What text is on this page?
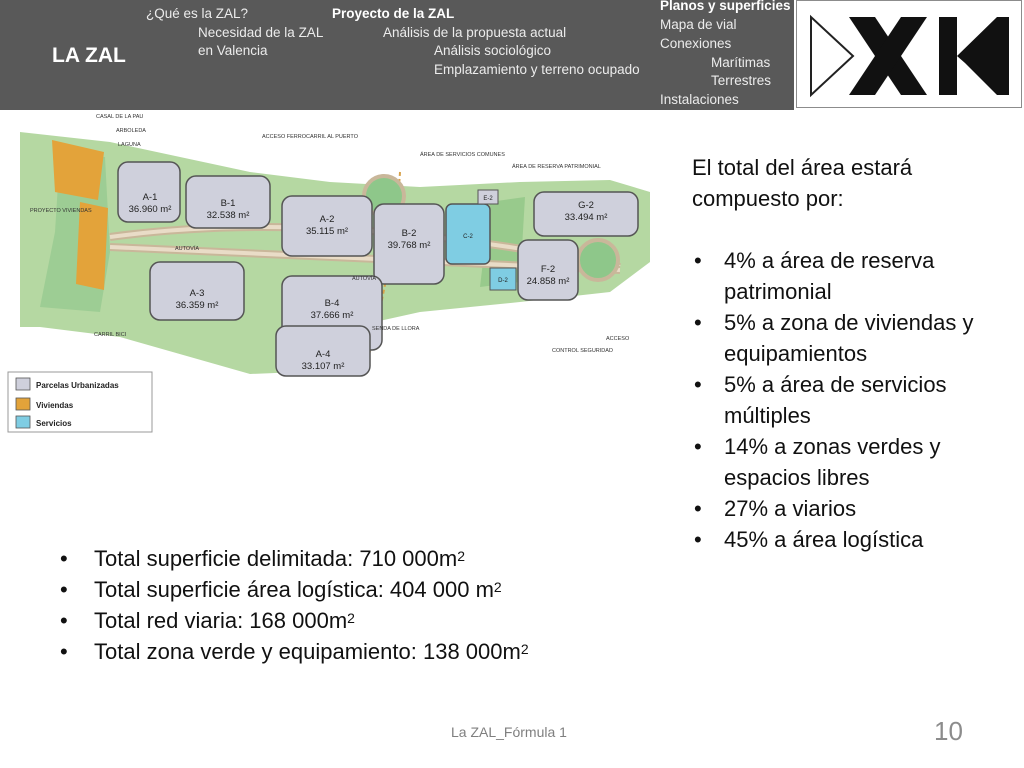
LA ZAL
¿Qué es la ZAL?
Necesidad de la ZAL
en Valencia
Proyecto de la ZAL
Análisis de la propuesta actual
Análisis sociológico
Emplazamiento y terreno ocupado
Planos y superficies
Mapa de vial
Conexiones
Marítimas
Terrestres
Instalaciones
A-1
36.960 m²
B-1
32.538 m²	A-2
35.115 m²	B-2
39.768 m²
G-2
33.494 m²
F-2
24.858 m²
A-3
36.359 m²	B-4
37.666 m²
A-4
33.107 m²
E-2
C-2
D-2
CASAL DE LA PAU
ARBOLEDA
LAGUNA
ACCESO FERROCARRIL AL PUERTO
ÁREA DE SERVICIOS COMUNES
ÁREA DE RESERVA PATRIMONIAL
PROYECTO VIVIENDAS
CARRIL BICI
AUTOVÍA
AUTOVÍA
SENDA DE LLORA
CONTROL SEGURIDAD
ACCESO
Parcelas Urbanizadas
Viviendas
Servicios

El total del área estará compuesto por:

• 4% a área de reserva patrimonial
• 5% a zona de viviendas y equipamientos
• 5% a área de servicios múltiples
• 14% a zonas verdes y espacios libres
• 27% a viarios
• 45% a área logística
• Total superficie delimitada: 710 $000m^2$
• Total superficie área logística: 404 000 $m^2$
• Total red viaria: 168 $000m^2$
• Total zona verde y equipamiento: 138 $000m^2$
La ZAL_Fórmula 1	10
